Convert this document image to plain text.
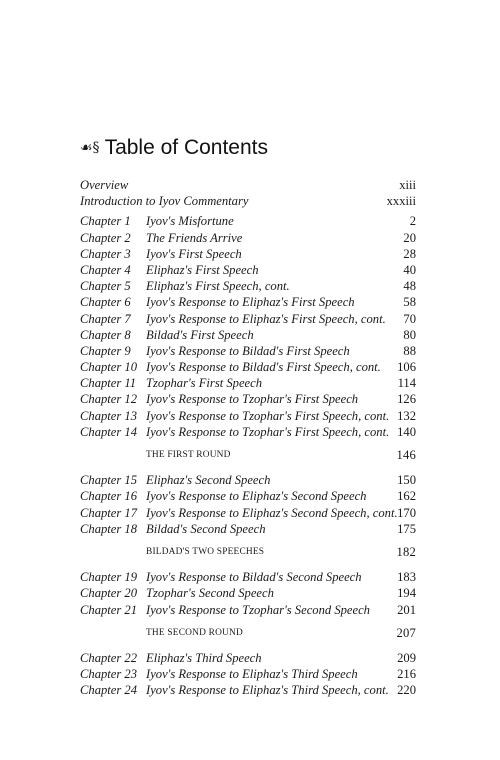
☙§ Table of Contents
Overview	xiii
Introduction to Iyov Commentary	xxxiii
Chapter 1	Iyov's Misfortune	2
Chapter 2	The Friends Arrive	20
Chapter 3	Iyov's First Speech	28
Chapter 4	Eliphaz's First Speech	40
Chapter 5	Eliphaz's First Speech, cont.	48
Chapter 6	Iyov's Response to Eliphaz's First Speech	58
Chapter 7	Iyov's Response to Eliphaz's First Speech, cont.	70
Chapter 8	Bildad's First Speech	80
Chapter 9	Iyov's Response to Bildad's First Speech	88
Chapter 10 Iyov's Response to Bildad's First Speech, cont.	106
Chapter 11 Tzophar's First Speech	114
Chapter 12 Iyov's Response to Tzophar's First Speech	126
Chapter 13 Iyov's Response to Tzophar's First Speech, cont. 132
Chapter 14 Iyov's Response to Tzophar's First Speech, cont. 140
THE FIRST ROUND	146
Chapter 15 Eliphaz's Second Speech	150
Chapter 16 Iyov's Response to Eliphaz's Second Speech	162
Chapter 17 Iyov's Response to Eliphaz's Second Speech, cont. 170
Chapter 18 Bildad's Second Speech	175
BILDAD'S TWO SPEECHES	182
Chapter 19 Iyov's Response to Bildad's Second Speech	183
Chapter 20 Tzophar's Second Speech	194
Chapter 21 Iyov's Response to Tzophar's Second Speech	201
THE SECOND ROUND	207
Chapter 22 Eliphaz's Third Speech	209
Chapter 23 Iyov's Response to Eliphaz's Third Speech	216
Chapter 24 Iyov's Response to Eliphaz's Third Speech, cont. 220
